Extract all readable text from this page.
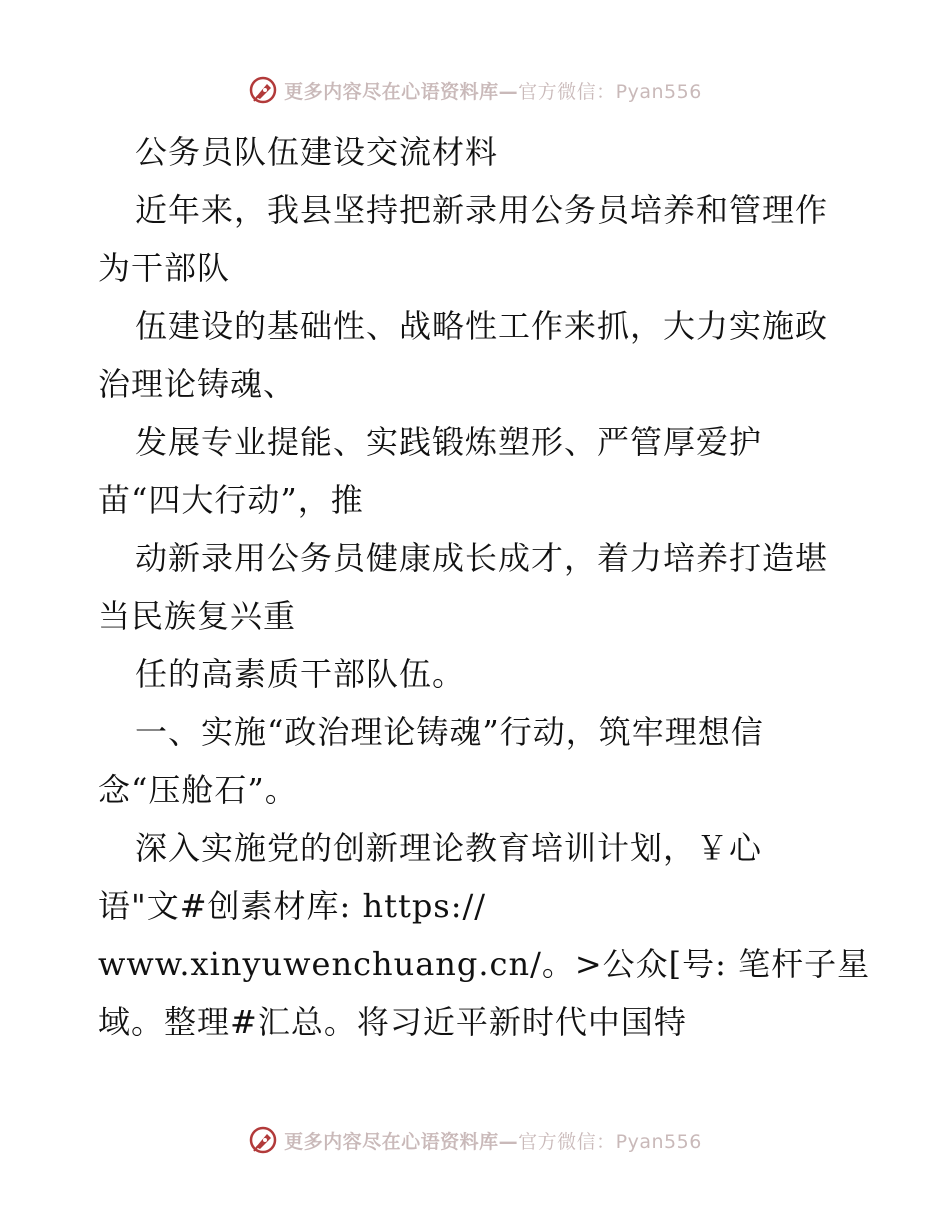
更多内容尽在心语资料库—官方微信：Pyan556
公务员队伍建设交流材料
近年来，我县坚持把新录用公务员培养和管理作
为干部队
伍建设的基础性、战略性工作来抓，大力实施政
治理论铸魂、
发展专业提能、实践锻炼塑形、严管厚爱护
苗“四大行动”，推
动新录用公务员健康成长成才，着力培养打造堪
当民族复兴重
任的高素质干部队伍。
一、实施“政治理论铸魂”行动，筑牢理想信
念“压舱石”。
深入实施党的创新理论教育培训计划，￥心
语"文#创素材库: https://
www.xinyuwenchuang.cn/。>公众[号: 笔杆子星
域。整理#汇总。将习近平新时代中国特
更多内容尽在心语资料库—官方微信：Pyan556
